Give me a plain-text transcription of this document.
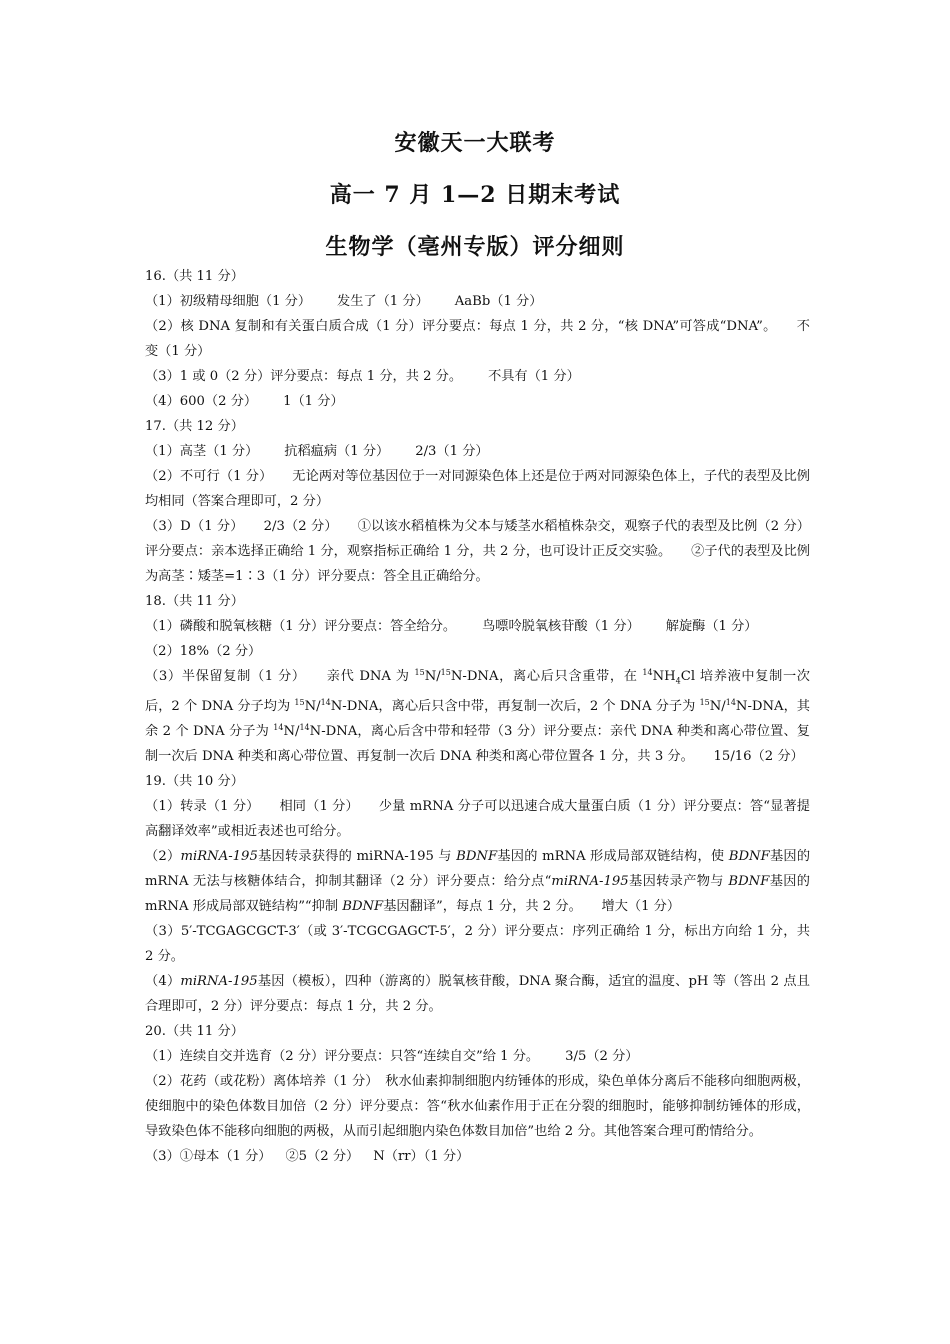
安徽天一大联考
高一 7 月 1—2 日期末考试
生物学（亳州专版）评分细则
16.（共 11 分）
（1）初级精母细胞（1 分） 发生了（1 分） AaBb（1 分）
（2）核 DNA 复制和有关蛋白质合成（1 分）评分要点：每点 1 分，共 2 分，“核 DNA”可答成“DNA”。　　不变（1 分）
（3）1 或 0（2 分）评分要点：每点 1 分，共 2 分。 不具有（1 分）
（4）600（2 分） 1（1 分）
17.（共 12 分）
（1）高茎（1 分） 抗稻瘟病（1 分） 2/3（1 分）
（2）不可行（1 分）　　无论两对等位基因位于一对同源染色体上还是位于两对同源染色体上，子代的表型及比例均相同（答案合理即可，2 分）
（3）D（1 分）　　2/3（2 分）　　①以该水稻植株为父本与矮茎水稻植株杂交，观察子代的表型及比例（2 分）评分要点：亲本选择正确给 1 分，观察指标正确给 1 分，共 2 分，也可设计正反交实验。　　②子代的表型及比例为高茎∶矮茎=1∶3（1 分）评分要点：答全且正确给分。
18.（共 11 分）
（1）磷酸和脱氧核糖（1 分）评分要点：答全给分。 鸟嘌呤脱氧核苷酸（1 分） 解旋酶（1 分）
（2）18%（2 分）
（3）半保留复制（1 分）　　亲代 DNA 为 $^{15}$N/$^{15}$N-DNA，离心后只含重带，在 $^{14}NH_4Cl$ 培养液中复制一次后，2 个 DNA 分子均为 $^{15}$N/$^{14}$N-DNA，离心后只含中带，再复制一次后，2 个 DNA 分子为 $^{15}$N/$^{14}$N-DNA，其余 2 个 DNA 分子为 $^{14}$N/$^{14}$N-DNA，离心后含中带和轻带（3 分）评分要点：亲代 DNA 种类和离心带位置、复制一次后 DNA 种类和离心带位置、再复制一次后 DNA 种类和离心带位置各 1 分，共 3 分。　　15/16（2 分）
19.（共 10 分）
（1）转录（1 分）　　相同（1 分）　　少量 mRNA 分子可以迅速合成大量蛋白质（1 分）评分要点：答“显著提高翻译效率”或相近表述也可给分。
（2）miRNA-195基因转录获得的 miRNA-195 与 BDNF基因的 mRNA 形成局部双链结构，使 BDNF基因的 mRNA 无法与核糖体结合，抑制其翻译（2 分）评分要点：给分点“miRNA-195基因转录产物与 BDNF基因的 mRNA 形成局部双链结构”“抑制 BDNF基因翻译”，每点 1 分，共 2 分。　　增大（1 分）
（3）5′-TCGAGCGCT-3′（或 3′-TCGCGAGCT-5′，2 分）评分要点：序列正确给 1 分，标出方向给 1 分，共 2 分。
（4）miRNA-195基因（模板），四种（游离的）脱氧核苷酸，DNA 聚合酶，适宜的温度、pH 等（答出 2 点且合理即可，2 分）评分要点：每点 1 分，共 2 分。
20.（共 11 分）
（1）连续自交并选育（2 分）评分要点：只答“连续自交”给 1 分。 3/5（2 分）
（2）花药（或花粉）离体培养（1 分）　秋水仙素抑制细胞内纺锤体的形成，染色单体分离后不能移向细胞两极，使细胞中的染色体数目加倍（2 分）评分要点：答“秋水仙素作用于正在分裂的细胞时，能够抑制纺锤体的形成，导致染色体不能移向细胞的两极，从而引起细胞内染色体数目加倍”也给 2 分。其他答案合理可酌情给分。
（3）①母本（1 分） ②5（2 分） N（rr）（1 分）
